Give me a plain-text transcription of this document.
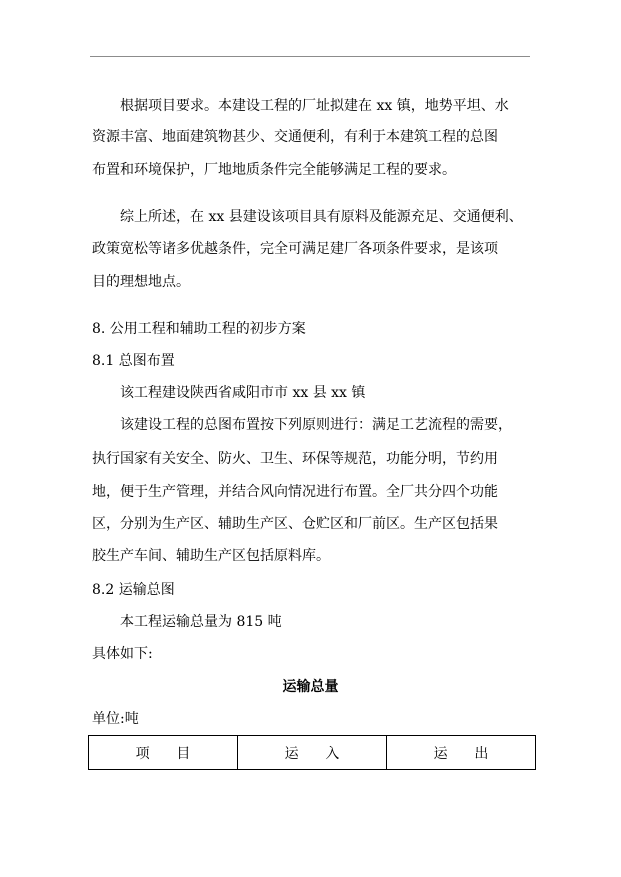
根据项目要求。本建设工程的厂址拟建在 xx 镇，地势平坦、水
资源丰富、地面建筑物甚少、交通便利，有利于本建筑工程的总图
布置和环境保护，厂地地质条件完全能够满足工程的要求。
综上所述，在 xx 县建设该项目具有原料及能源充足、交通便利、
政策宽松等诸多优越条件，完全可满足建厂各项条件要求，是该项
目的理想地点。
8. 公用工程和辅助工程的初步方案
8.1 总图布置
该工程建设陕西省咸阳市市 xx 县 xx 镇
该建设工程的总图布置按下列原则进行：满足工艺流程的需要，
执行国家有关安全、防火、卫生、环保等规范，功能分明，节约用
地，便于生产管理，并结合风向情况进行布置。全厂共分四个功能
区，分别为生产区、辅助生产区、仓贮区和厂前区。生产区包括果
胶生产车间、辅助生产区包括原料库。
8.2 运输总图
本工程运输总量为 815 吨
具体如下:
运输总量
单位:吨
项      目	运      入	运      出
